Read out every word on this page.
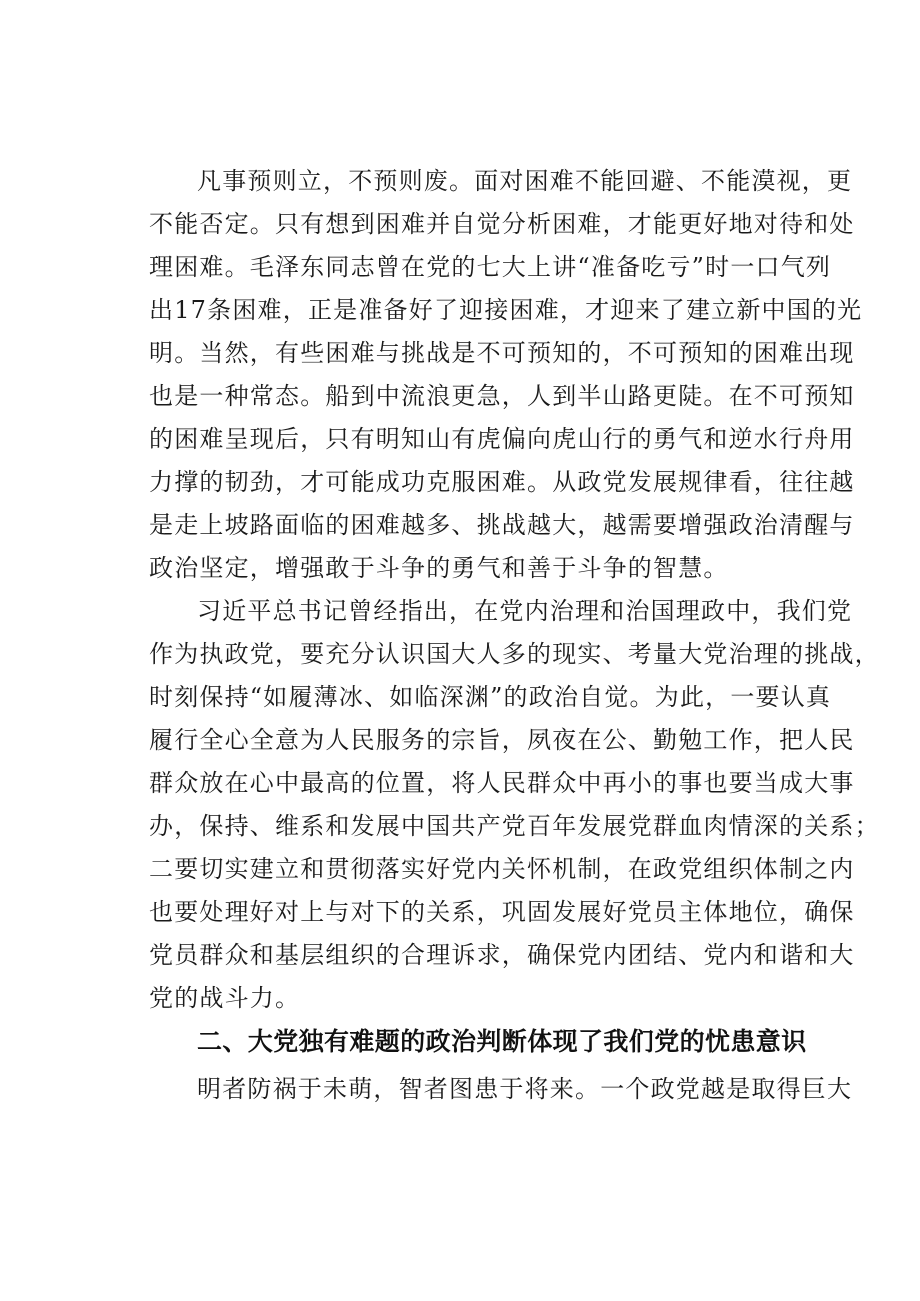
凡事预则立，不预则废。面对困难不能回避、不能漠视，更

不能否定。只有想到困难并自觉分析困难，才能更好地对待和处

理困难。毛泽东同志曾在党的七大上讲“准备吃亏”时一口气列

出17条困难，正是准备好了迎接困难，才迎来了建立新中国的光

明。当然，有些困难与挑战是不可预知的，不可预知的困难出现

也是一种常态。船到中流浪更急，人到半山路更陡。在不可预知

的困难呈现后，只有明知山有虎偏向虎山行的勇气和逆水行舟用

力撑的韧劲，才可能成功克服困难。从政党发展规律看，往往越

是走上坡路面临的困难越多、挑战越大，越需要增强政治清醒与

政治坚定，增强敢于斗争的勇气和善于斗争的智慧。

习近平总书记曾经指出，在党内治理和治国理政中，我们党

作为执政党，要充分认识国大人多的现实、考量大党治理的挑战，

时刻保持“如履薄冰、如临深渊”的政治自觉。为此，一要认真

履行全心全意为人民服务的宗旨，夙夜在公、勤勉工作，把人民

群众放在心中最高的位置，将人民群众中再小的事也要当成大事

办，保持、维系和发展中国共产党百年发展党群血肉情深的关系；

二要切实建立和贯彻落实好党内关怀机制，在政党组织体制之内

也要处理好对上与对下的关系，巩固发展好党员主体地位，确保

党员群众和基层组织的合理诉求，确保党内团结、党内和谐和大

党的战斗力。

二、大党独有难题的政治判断体现了我们党的忧患意识

明者防祸于未萌，智者图患于将来。一个政党越是取得巨大
